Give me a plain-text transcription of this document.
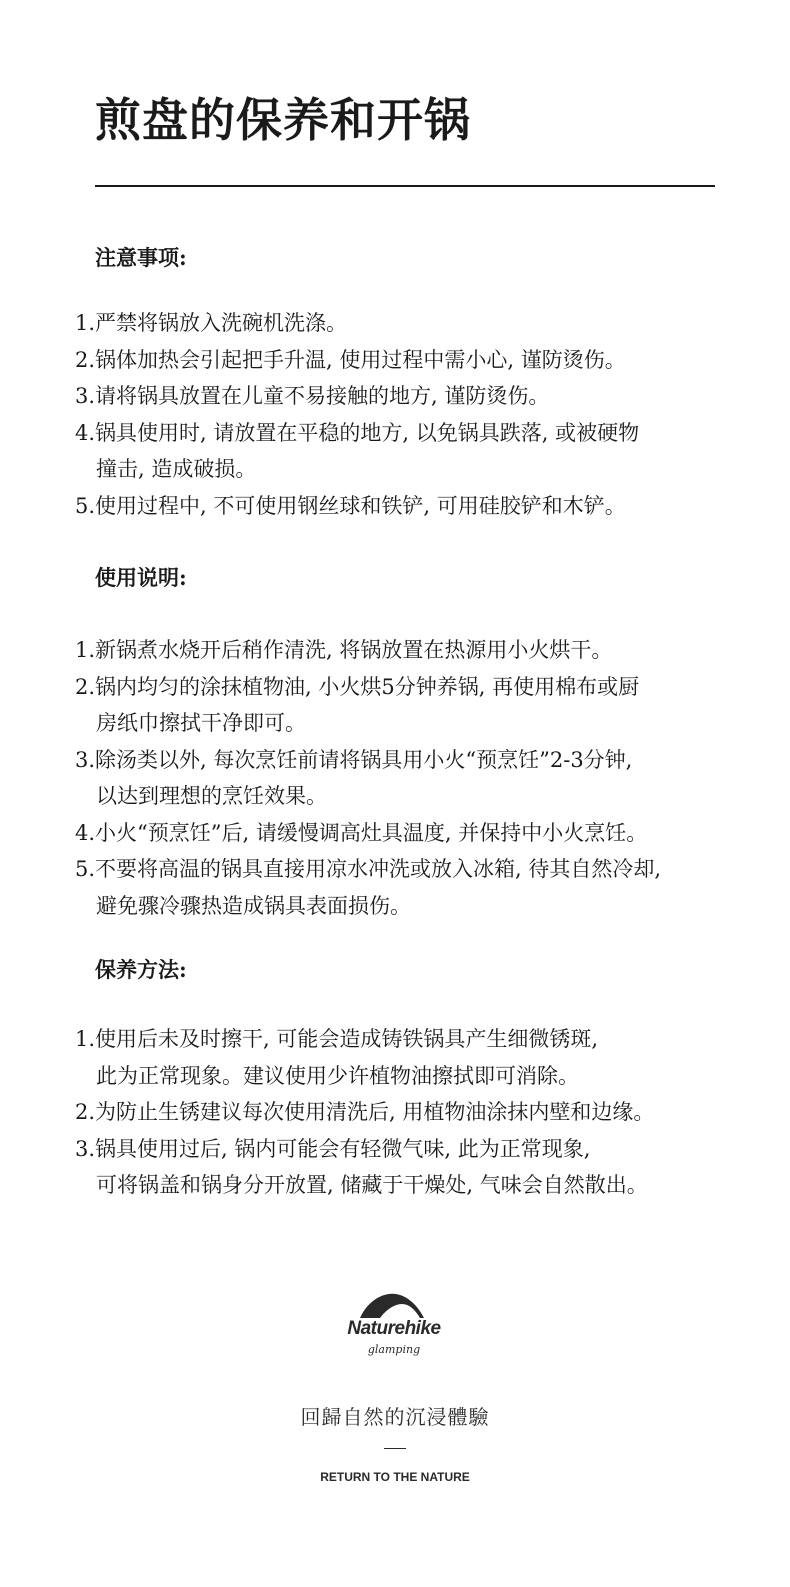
煎盘的保养和开锅
注意事项:
1.严禁将锅放入洗碗机洗涤。
2.锅体加热会引起把手升温, 使用过程中需小心, 谨防烫伤。
3.请将锅具放置在儿童不易接触的地方, 谨防烫伤。
4.锅具使用时, 请放置在平稳的地方, 以免锅具跌落, 或被硬物
撞击, 造成破损。
5.使用过程中, 不可使用钢丝球和铁铲, 可用硅胶铲和木铲。
使用说明:
1.新锅煮水烧开后稍作清洗, 将锅放置在热源用小火烘干。
2.锅内均匀的涂抹植物油, 小火烘5分钟养锅, 再使用棉布或厨
房纸巾擦拭干净即可。
3.除汤类以外, 每次烹饪前请将锅具用小火“预烹饪”2-3分钟,
以达到理想的烹饪效果。
4.小火“预烹饪”后, 请缓慢调高灶具温度, 并保持中小火烹饪。
5.不要将高温的锅具直接用凉水冲洗或放入冰箱, 待其自然冷却,
避免骤冷骤热造成锅具表面损伤。
保养方法:
1.使用后未及时擦干, 可能会造成铸铁锅具产生细微锈斑,
此为正常现象。建议使用少许植物油擦拭即可消除。
2.为防止生锈建议每次使用清洗后, 用植物油涂抹内壁和边缘。
3.锅具使用过后, 锅内可能会有轻微气味, 此为正常现象,
可将锅盖和锅身分开放置, 储藏于干燥处, 气味会自然散出。
Naturehike
glamping
回歸自然的沉浸體驗
RETURN TO THE NATURE
